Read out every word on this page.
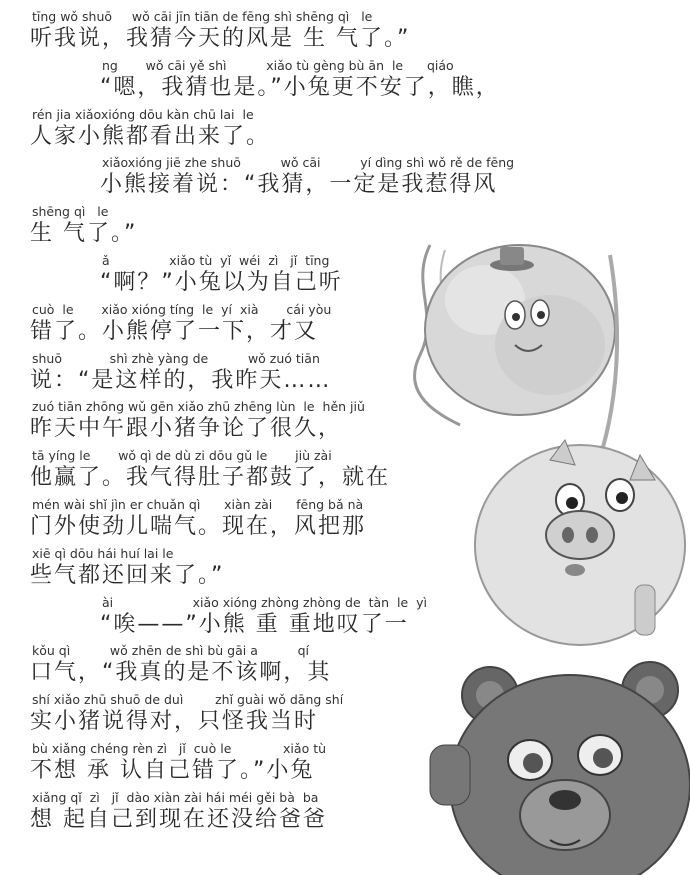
tīng wǒ shuō     wǒ cāi jīn tiān de fēng shì shēng qì   le
听我说，我猜今天的风是 生 气了。”
ng       wǒ cāi yě shì          xiǎo tù gèng bù ān  le      qiáo
“嗯，我猜也是。”小兔更不安了，瞧，
rén jia xiǎoxióng dōu kàn chū lai  le
人家小熊都看出来了。
xiǎoxióng jiē zhe shuō          wǒ cāi          yí dìng shì wǒ rě de fēng
小熊接着说：“我猜，一定是我惹得风
shēng qì   le
生 气了。”
ǎ               xiǎo tù  yǐ  wéi  zì   jǐ  tīng
“啊？”小兔以为自己听
cuò  le       xiǎo xióng tíng  le  yí  xià       cái yòu
错了。小熊停了一下，才又
shuō            shì zhè yàng de          wǒ zuó tiān
说：“是这样的，我昨天……
zuó tiān zhōng wǔ gēn xiǎo zhū zhēng lùn  le  hěn jiǔ
昨天中午跟小猪争论了很久，
tā yíng le       wǒ qì de dù zi dōu gǔ le       jiù zài
他赢了。我气得肚子都鼓了，就在
mén wài shǐ jìn er chuǎn qì      xiàn zài      fēng bǎ nà
门外使劲儿喘气。现在，风把那
xiē qì dōu hái huí lai le
些气都还回来了。”
ài                    xiǎo xióng zhòng zhòng de  tàn  le  yì
“唉——”小熊 重 重地叹了一
kǒu qì          wǒ zhēn de shì bù gāi a          qí
口气，“我真的是不该啊，其
shí xiǎo zhū shuō de duì        zhǐ guài wǒ dāng shí
实小猪说得对，只怪我当时
bù xiǎng chéng rèn zì   jǐ  cuò le             xiǎo tù
不想 承 认自己错了。”小兔
xiǎng qǐ  zì   jǐ  dào xiàn zài hái méi gěi bà  ba
想 起自己到现在还没给爸爸
